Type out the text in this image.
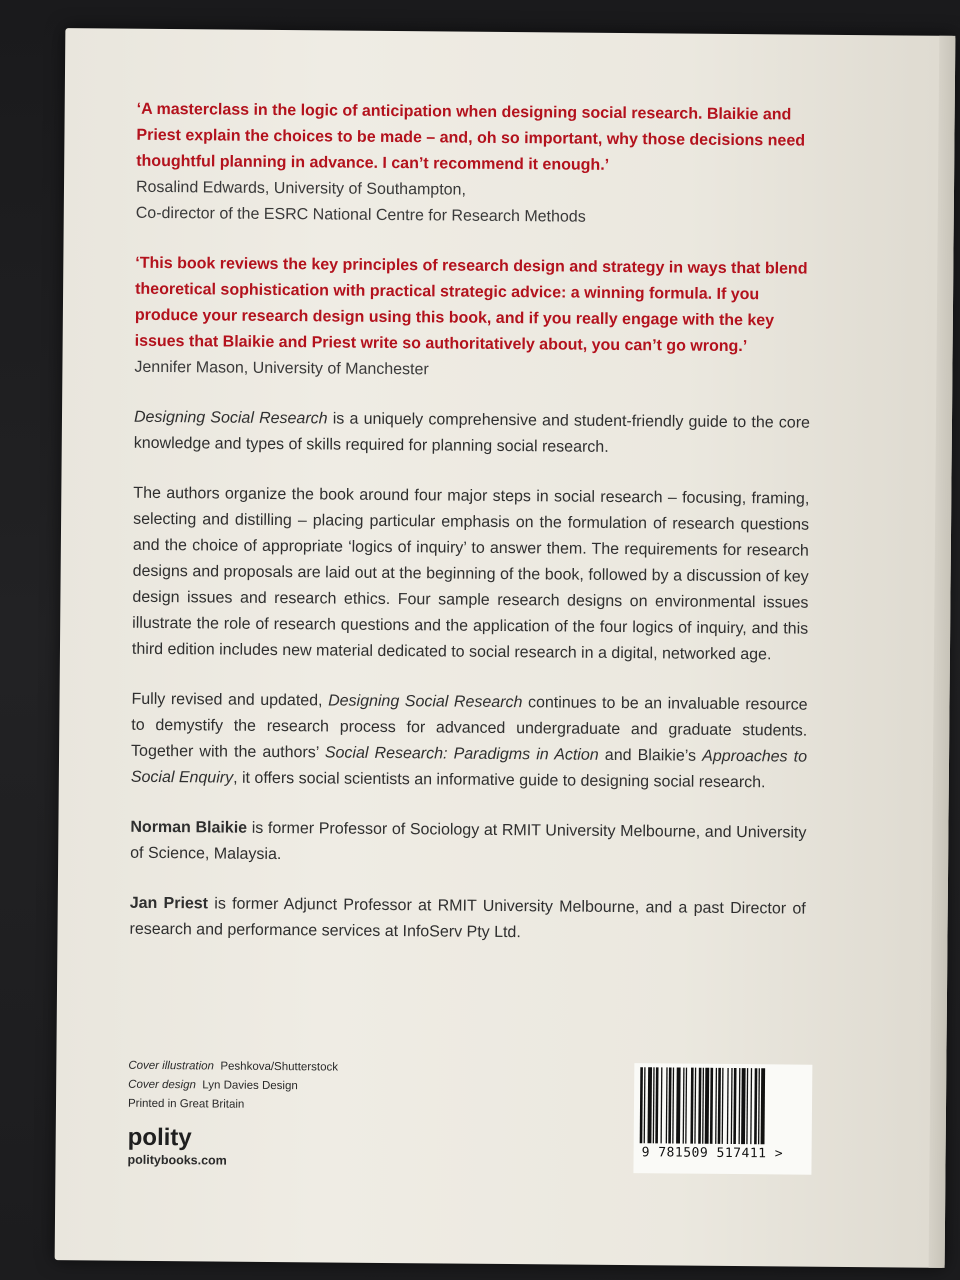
‘A masterclass in the logic of anticipation when designing social research. Blaikie and Priest explain the choices to be made – and, oh so important, why those decisions need thoughtful planning in advance. I can’t recommend it enough.’
Rosalind Edwards, University of Southampton,
Co-director of the ESRC National Centre for Research Methods
‘This book reviews the key principles of research design and strategy in ways that blend theoretical sophistication with practical strategic advice: a winning formula. If you produce your research design using this book, and if you really engage with the key issues that Blaikie and Priest write so authoritatively about, you can’t go wrong.’
Jennifer Mason, University of Manchester

Designing Social Research is a uniquely comprehensive and student-friendly guide to the core knowledge and types of skills required for planning social research.

The authors organize the book around four major steps in social research – focusing, framing, selecting and distilling – placing particular emphasis on the formulation of research questions and the choice of appropriate ‘logics of inquiry’ to answer them. The requirements for research designs and proposals are laid out at the beginning of the book, followed by a discussion of key design issues and research ethics. Four sample research designs on environmental issues illustrate the role of research questions and the application of the four logics of inquiry, and this third edition includes new material dedicated to social research in a digital, networked age.

Fully revised and updated, Designing Social Research continues to be an invaluable resource to demystify the research process for advanced undergraduate and graduate students. Together with the authors’ Social Research: Paradigms in Action and Blaikie’s Approaches to Social Enquiry, it offers social scientists an informative guide to designing social research.

Norman Blaikie is former Professor of Sociology at RMIT University Melbourne, and University of Science, Malaysia.

Jan Priest is former Adjunct Professor at RMIT University Melbourne, and a past Director of research and performance services at InfoServ Pty Ltd.

Cover illustration Peshkova/Shutterstock
Cover design Lyn Davies Design
Printed in Great Britain
polity
politybooks.com	9 781509 517411 >
